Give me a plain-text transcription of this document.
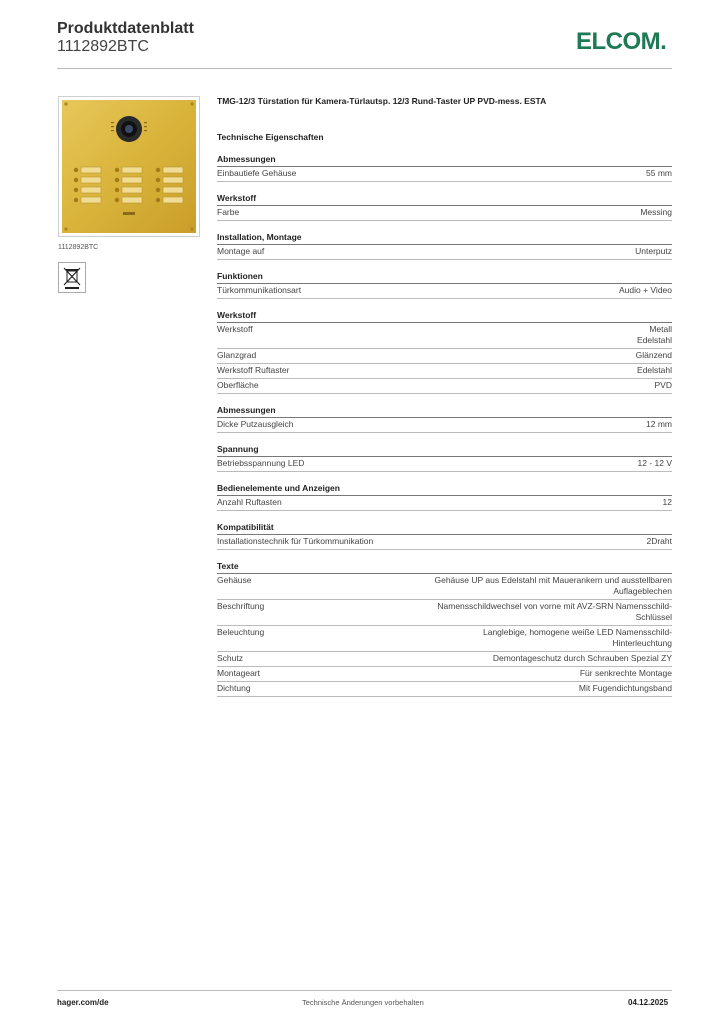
Produktdatenblatt
1112892BTC	ELCOM.
1112892BTC
TMG-12/3 Türstation für Kamera-Türlautsp. 12/3 Rund-Taster UP PVD-mess. ESTA
Technische Eigenschaften
Abmessungen
Einbautiefe Gehäuse	55 mm
Werkstoff
Farbe	Messing
Installation, Montage
Montage auf	Unterputz
Funktionen
Türkommunikationsart	Audio + Video
Werkstoff
Werkstoff	Metall
Edelstahl
Glanzgrad	Glänzend
Werkstoff Ruftaster	Edelstahl
Oberfläche	PVD
Abmessungen
Dicke Putzausgleich	12 mm
Spannung
Betriebsspannung LED	12 - 12 V
Bedienelemente und Anzeigen
Anzahl Ruftasten	12
Kompatibilität
Installationstechnik für Türkommunikation	2Draht
Texte
Gehäuse	Gehäuse UP aus Edelstahl mit Mauerankern und ausstellbaren
Auflageblechen
Beschriftung	Namensschildwechsel von vorne mit AVZ-SRN Namensschild-
Schlüssel
Beleuchtung	Langlebige, homogene weiße LED Namensschild-
Hinterleuchtung
Schutz	Demontageschutz durch Schrauben Spezial ZY
Montageart	Für senkrechte Montage
Dichtung	Mit Fugendichtungsband
hager.com/de	Technische Änderungen vorbehalten	04.12.2025
